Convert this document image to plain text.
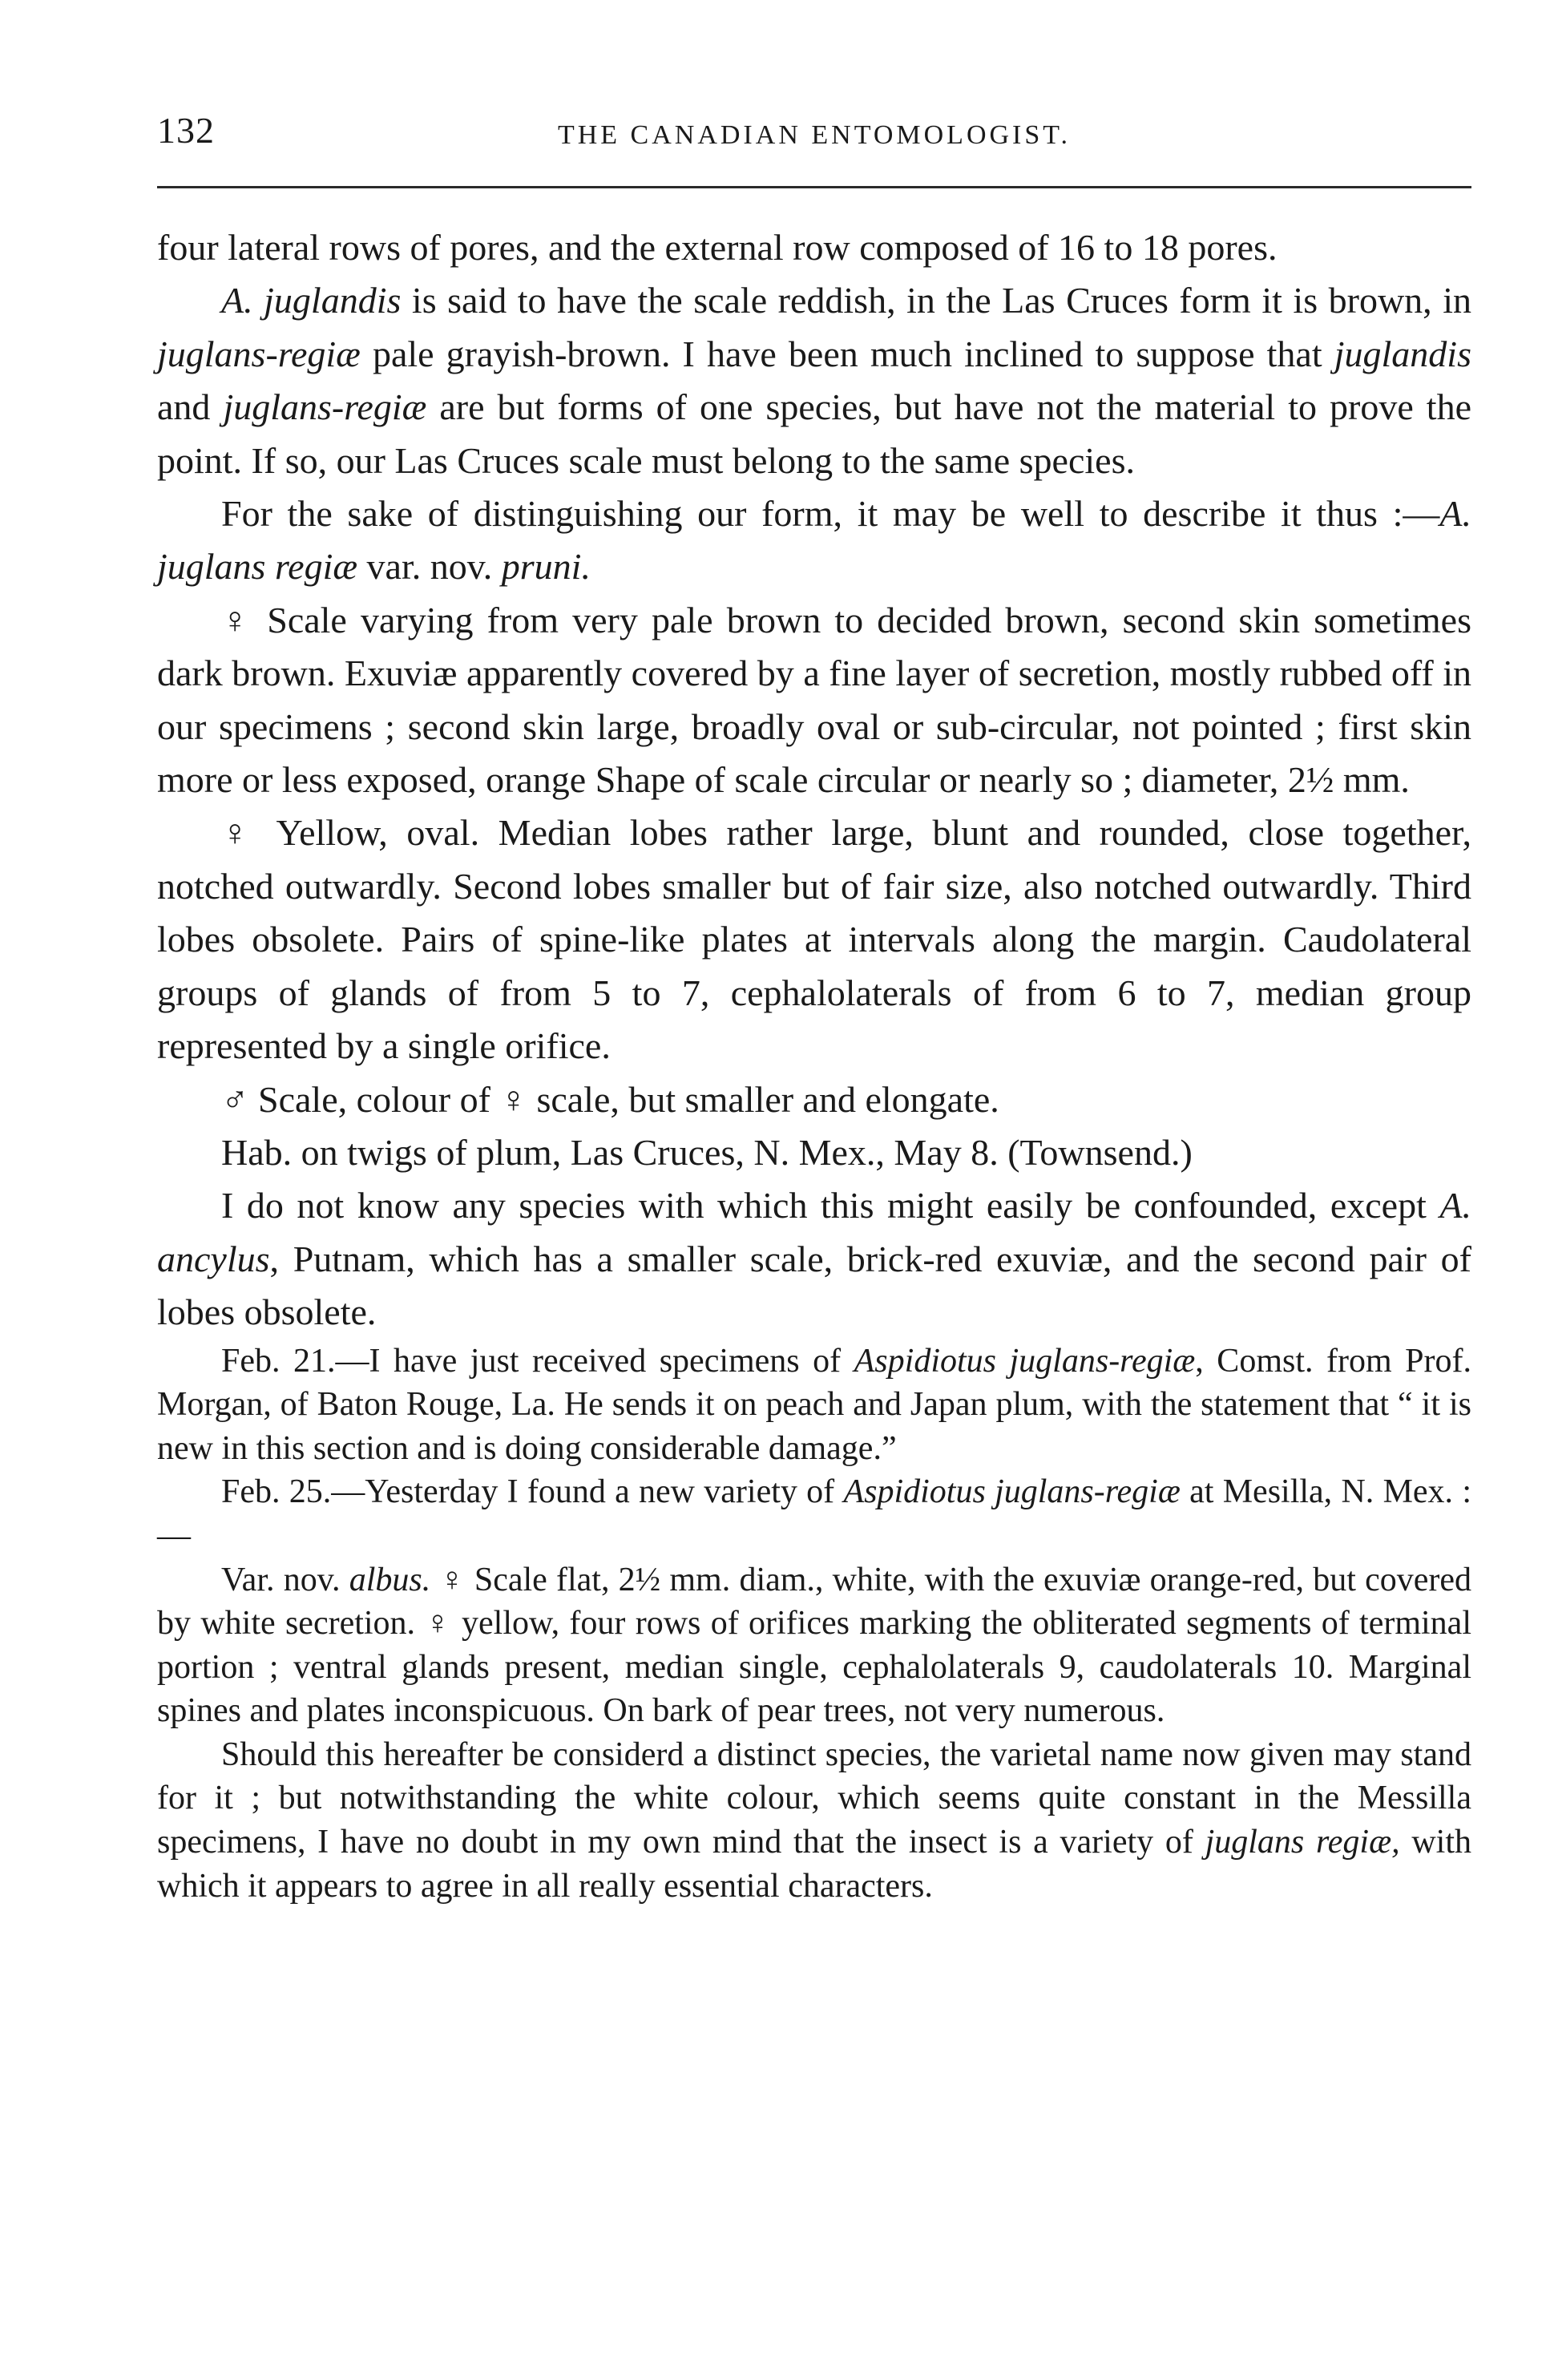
132	THE CANADIAN ENTOMOLOGIST.

four lateral rows of pores, and the external row composed of 16 to 18 pores.

A. juglandis is said to have the scale reddish, in the Las Cruces form it is brown, in juglans-regiæ pale grayish-brown. I have been much inclined to suppose that juglandis and juglans-regiæ are but forms of one species, but have not the material to prove the point. If so, our Las Cruces scale must belong to the same species.

For the sake of distinguishing our form, it may be well to describe it thus :—A. juglans regiæ var. nov. pruni.

♀ Scale varying from very pale brown to decided brown, second skin sometimes dark brown. Exuviæ apparently covered by a fine layer of secretion, mostly rubbed off in our specimens ; second skin large, broadly oval or sub-circular, not pointed ; first skin more or less exposed, orange Shape of scale circular or nearly so ; diameter, 2½ mm.

♀ Yellow, oval. Median lobes rather large, blunt and rounded, close together, notched outwardly. Second lobes smaller but of fair size, also notched outwardly. Third lobes obsolete. Pairs of spine-like plates at intervals along the margin. Caudolateral groups of glands of from 5 to 7, cephalolaterals of from 6 to 7, median group represented by a single orifice.

♂ Scale, colour of ♀ scale, but smaller and elongate.

Hab. on twigs of plum, Las Cruces, N. Mex., May 8. (Townsend.)

I do not know any species with which this might easily be confounded, except A. ancylus, Putnam, which has a smaller scale, brick-red exuviæ, and the second pair of lobes obsolete.

Feb. 21.—I have just received specimens of Aspidiotus juglans-regiæ, Comst. from Prof. Morgan, of Baton Rouge, La. He sends it on peach and Japan plum, with the statement that “ it is new in this section and is doing considerable damage.”

Feb. 25.—Yesterday I found a new variety of Aspidiotus juglans-regiæ at Mesilla, N. Mex. :—

Var. nov. albus. ♀ Scale flat, 2½ mm. diam., white, with the exuviæ orange-red, but covered by white secretion. ♀ yellow, four rows of orifices marking the obliterated segments of terminal portion ; ventral glands present, median single, cephalolaterals 9, caudolaterals 10. Marginal spines and plates inconspicuous. On bark of pear trees, not very numerous.

Should this hereafter be considerd a distinct species, the varietal name now given may stand for it ; but notwithstanding the white colour, which seems quite constant in the Messilla specimens, I have no doubt in my own mind that the insect is a variety of juglans regiæ, with which it appears to agree in all really essential characters.
